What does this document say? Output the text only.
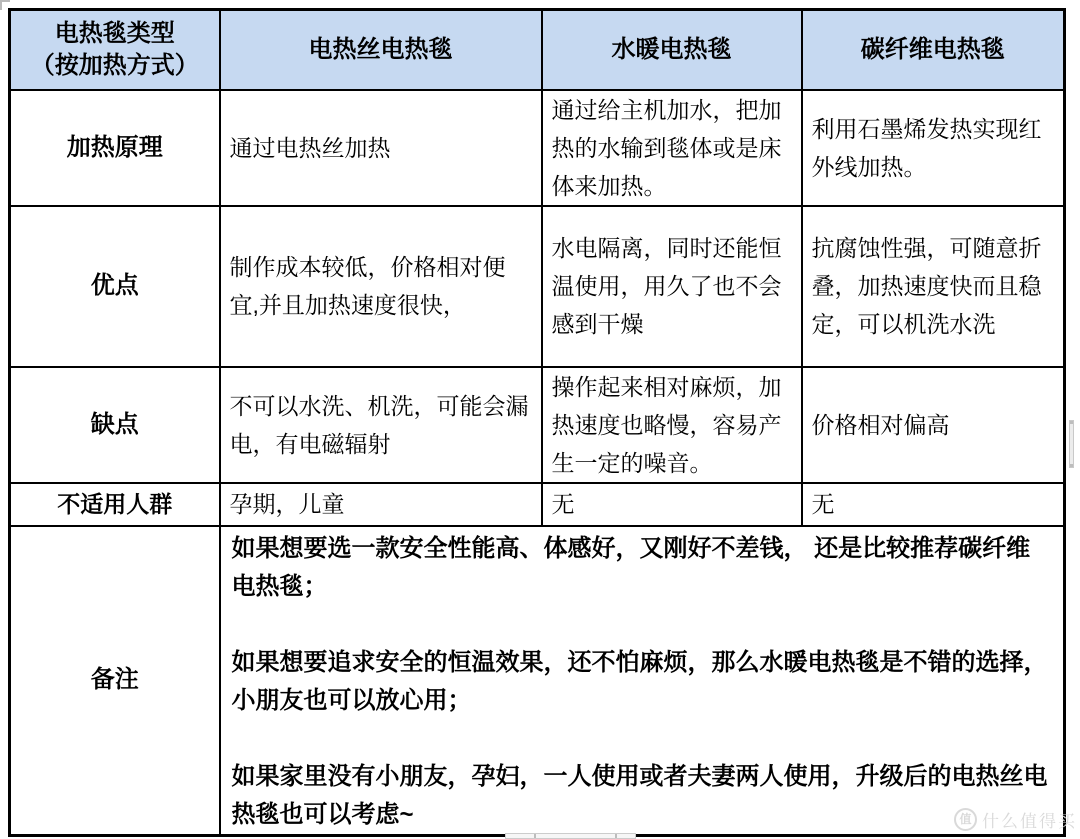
电热毯类型
（按加热方式）	电热丝电热毯	水暖电热毯	碳纤维电热毯
加热原理	通过电热丝加热	通过给主机加水，把加热的水输到毯体或是床体来加热。	利用石墨烯发热实现红外线加热。
优点	制作成本较低，价格相对便宜,并且加热速度很快，	水电隔离，同时还能恒温使用，用久了也不会感到干燥	抗腐蚀性强，可随意折叠，加热速度快而且稳定，可以机洗水洗
缺点	不可以水洗、机洗，可能会漏电，有电磁辐射	操作起来相对麻烦，加热速度也略慢，容易产生一定的噪音。	价格相对偏高
不适用人群	孕期，儿童	无	无
备注	如果想要选一款安全性能高、体感好，又刚好不差钱， 还是比较推荐碳纤维电热毯；

如果想要追求安全的恒温效果，还不怕麻烦，那么水暖电热毯是不错的选择，小朋友也可以放心用；

如果家里没有小朋友，孕妇，一人使用或者夫妻两人使用，升级后的电热丝电热毯也可以考虑~			值 什么值得买
